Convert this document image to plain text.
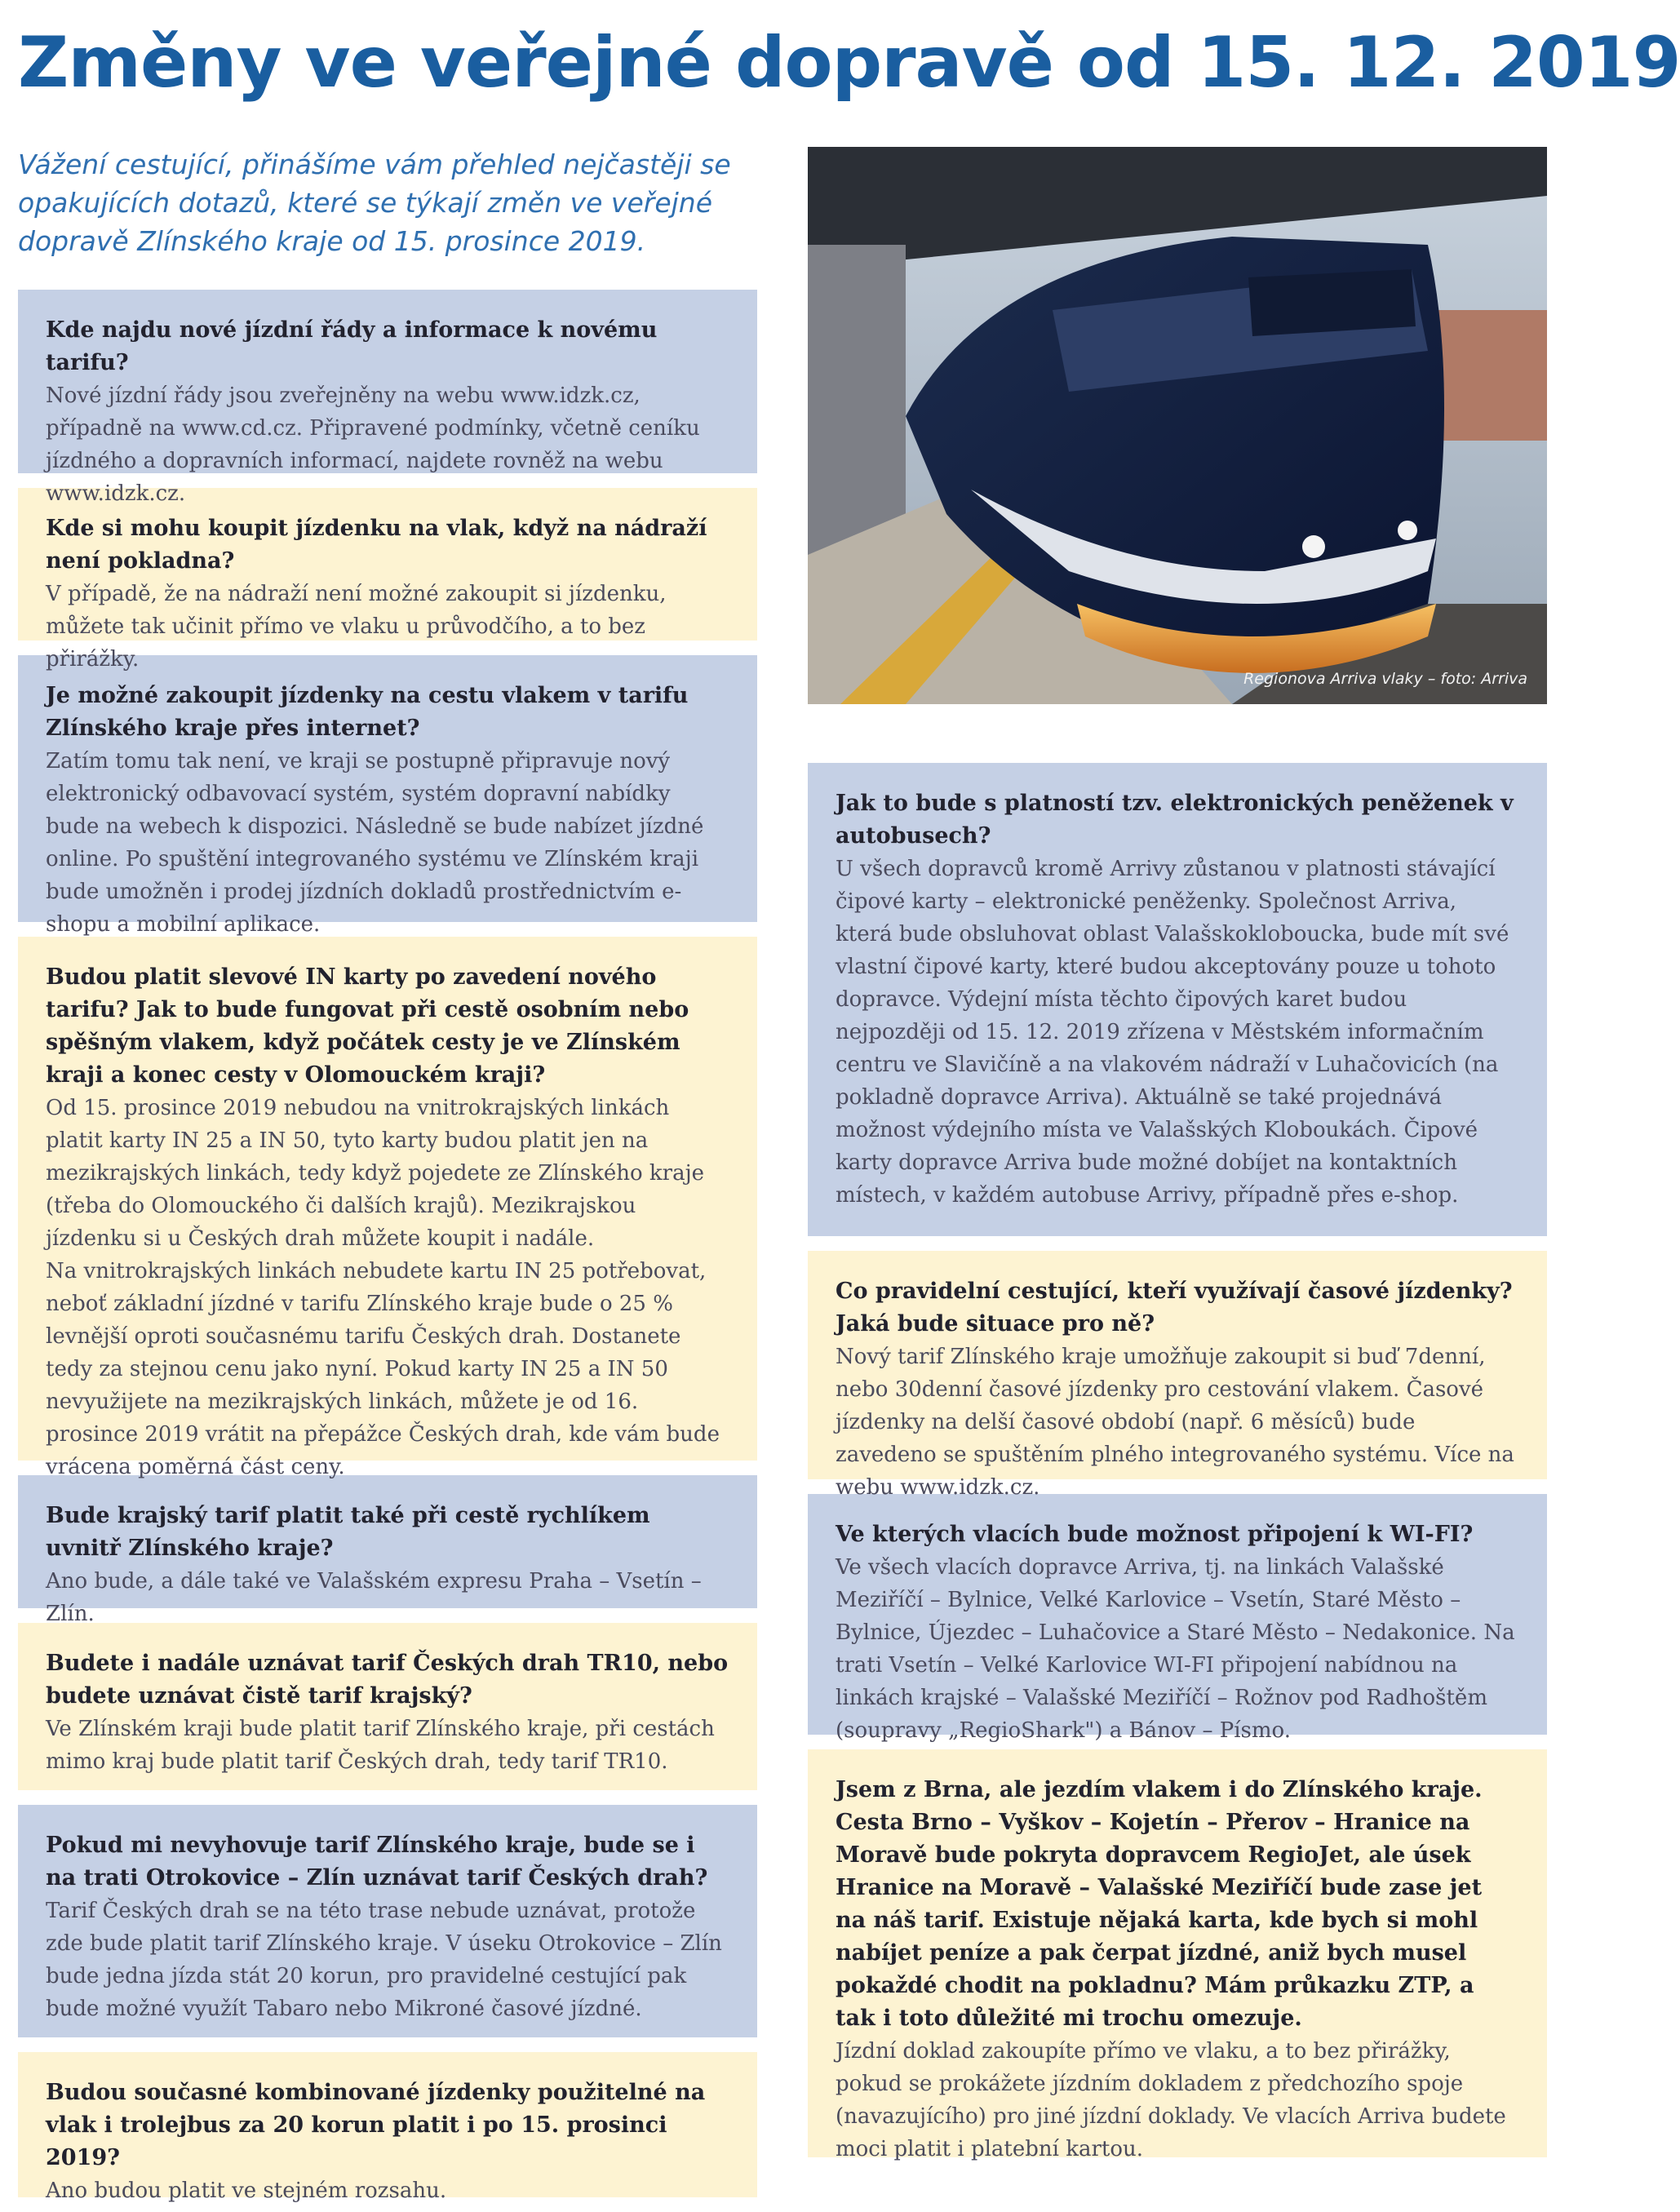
Změny ve veřejné dopravě od 15. 12. 2019
Vážení cestující, přinášíme vám přehled nejčastěji se opakujících dotazů, které se týkají změn ve veřejné dopravě Zlínského kraje od 15. prosince 2019.
Regionova Arriva vlaky – foto: Arriva
Kde najdu nové jízdní řády a informace k novému tarifu?
Nové jízdní řády jsou zveřejněny na webu www.idzk.cz, případně na www.cd.cz. Připravené podmínky, včetně ceníku jízdného a dopravních informací, najdete rovněž na webu www.idzk.cz.
Kde si mohu koupit jízdenku na vlak, když na nádraží není pokladna?
V případě, že na nádraží není možné zakoupit si jízdenku, můžete tak učinit přímo ve vlaku u průvodčího, a to bez přirážky.
Je možné zakoupit jízdenky na cestu vlakem v tarifu Zlínského kraje přes internet?
Zatím tomu tak není, ve kraji se postupně připravuje nový elektronický odbavovací systém, systém dopravní nabídky bude na webech k dispozici. Následně se bude nabízet jízdné online. Po spuštění integrovaného systému ve Zlínském kraji bude umožněn i prodej jízdních dokladů prostřednictvím e-shopu a mobilní aplikace.
Budou platit slevové IN karty po zavedení nového tarifu? Jak to bude fungovat při cestě osobním nebo spěšným vlakem, když počátek cesty je ve Zlínském kraji a konec cesty v Olomouckém kraji?
Od 15. prosince 2019 nebudou na vnitrokrajských linkách platit karty IN 25 a IN 50, tyto karty budou platit jen na mezikrajských linkách, tedy když pojedete ze Zlínského kraje (třeba do Olomouckého či dalších krajů). Mezikrajskou jízdenku si u Českých drah můžete koupit i nadále.
Na vnitrokrajských linkách nebudete kartu IN 25 potřebovat, neboť základní jízdné v tarifu Zlínského kraje bude o 25 % levnější oproti současnému tarifu Českých drah. Dostanete tedy za stejnou cenu jako nyní. Pokud karty IN 25 a IN 50 nevyužijete na mezikrajských linkách, můžete je od 16. prosince 2019 vrátit na přepážce Českých drah, kde vám bude vrácena poměrná část ceny.
Bude krajský tarif platit také při cestě rychlíkem uvnitř Zlínského kraje?
Ano bude, a dále také ve Valašském expresu Praha – Vsetín – Zlín.
Budete i nadále uznávat tarif Českých drah TR10, nebo budete uznávat čistě tarif krajský?
Ve Zlínském kraji bude platit tarif Zlínského kraje, při cestách mimo kraj bude platit tarif Českých drah, tedy tarif TR10.
Pokud mi nevyhovuje tarif Zlínského kraje, bude se i na trati Otrokovice – Zlín uznávat tarif Českých drah?
Tarif Českých drah se na této trase nebude uznávat, protože zde bude platit tarif Zlínského kraje. V úseku Otrokovice – Zlín bude jedna jízda stát 20 korun, pro pravidelné cestující pak bude možné využít Tabaro nebo Mikroné časové jízdné.
Budou současné kombinované jízdenky použitelné na vlak i trolejbus za 20 korun platit i po 15. prosinci 2019?
Ano budou platit ve stejném rozsahu.
Jak to bude s platností tzv. elektronických peněženek v autobusech?
U všech dopravců kromě Arrivy zůstanou v platnosti stávající čipové karty – elektronické peněženky. Společnost Arriva, která bude obsluhovat oblast Valašskokloboucka, bude mít své vlastní čipové karty, které budou akceptovány pouze u tohoto dopravce. Výdejní místa těchto čipových karet budou nejpozději od 15. 12. 2019 zřízena v Městském informačním centru ve Slavičíně a na vlakovém nádraží v Luhačovicích (na pokladně dopravce Arriva). Aktuálně se také projednává možnost výdejního místa ve Valašských Kloboukách. Čipové karty dopravce Arriva bude možné dobíjet na kontaktních místech, v každém autobuse Arrivy, případně přes e-shop.
Co pravidelní cestující, kteří využívají časové jízdenky? Jaká bude situace pro ně?
Nový tarif Zlínského kraje umožňuje zakoupit si buď 7denní, nebo 30denní časové jízdenky pro cestování vlakem. Časové jízdenky na delší časové období (např. 6 měsíců) bude zavedeno se spuštěním plného integrovaného systému. Více na webu www.idzk.cz.
Ve kterých vlacích bude možnost připojení k WI-FI?
Ve všech vlacích dopravce Arriva, tj. na linkách Valašské Meziříčí – Bylnice, Velké Karlovice – Vsetín, Staré Město – Bylnice, Újezdec – Luhačovice a Staré Město – Nedakonice. Na trati Vsetín – Velké Karlovice WI-FI připojení nabídnou na linkách krajské – Valašské Meziříčí – Rožnov pod Radhoštěm (soupravy „RegioShark") a Bánov – Písmo.
Jsem z Brna, ale jezdím vlakem i do Zlínského kraje. Cesta Brno – Vyškov – Kojetín – Přerov – Hranice na Moravě bude pokryta dopravcem RegioJet, ale úsek Hranice na Moravě – Valašské Meziříčí bude zase jet na náš tarif. Existuje nějaká karta, kde bych si mohl nabíjet peníze a pak čerpat jízdné, aniž bych musel pokaždé chodit na pokladnu? Mám průkazku ZTP, a tak i toto důležité mi trochu omezuje.
Jízdní doklad zakoupíte přímo ve vlaku, a to bez přirážky, pokud se prokážete jízdním dokladem z předchozího spoje (navazujícího) pro jiné jízdní doklady. Ve vlacích Arriva budete moci platit i platební kartou.
